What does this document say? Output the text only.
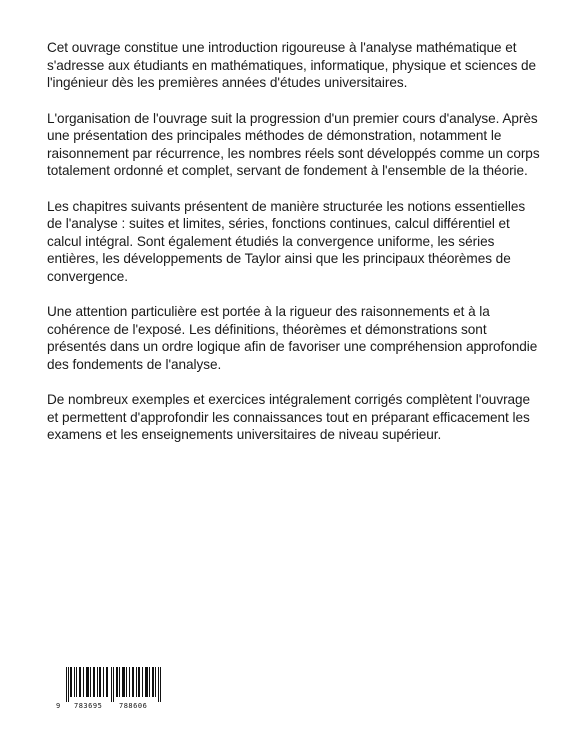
Cet ouvrage constitue une introduction rigoureuse à l'analyse mathématique et s'adresse aux étudiants en mathématiques, informatique, physique et sciences de l'ingénieur dès les premières années d'études universitaires.

L'organisation de l'ouvrage suit la progression d'un premier cours d'analyse. Après une présentation des principales méthodes de démonstration, notamment le raisonnement par récurrence, les nombres réels sont développés comme un corps totalement ordonné et complet, servant de fondement à l'ensemble de la théorie.

Les chapitres suivants présentent de manière structurée les notions essentielles de l'analyse : suites et limites, séries, fonctions continues, calcul différentiel et calcul intégral. Sont également étudiés la convergence uniforme, les séries entières, les développements de Taylor ainsi que les principaux théorèmes de convergence.

Une attention particulière est portée à la rigueur des raisonnements et à la cohérence de l'exposé. Les définitions, théorèmes et démonstrations sont présentés dans un ordre logique afin de favoriser une compréhension approfondie des fondements de l'analyse.

De nombreux exemples et exercices intégralement corrigés complètent l'ouvrage et permettent d'approfondir les connaissances tout en préparant efficacement les examens et les enseignements universitaires de niveau supérieur.

9 783695 788606
